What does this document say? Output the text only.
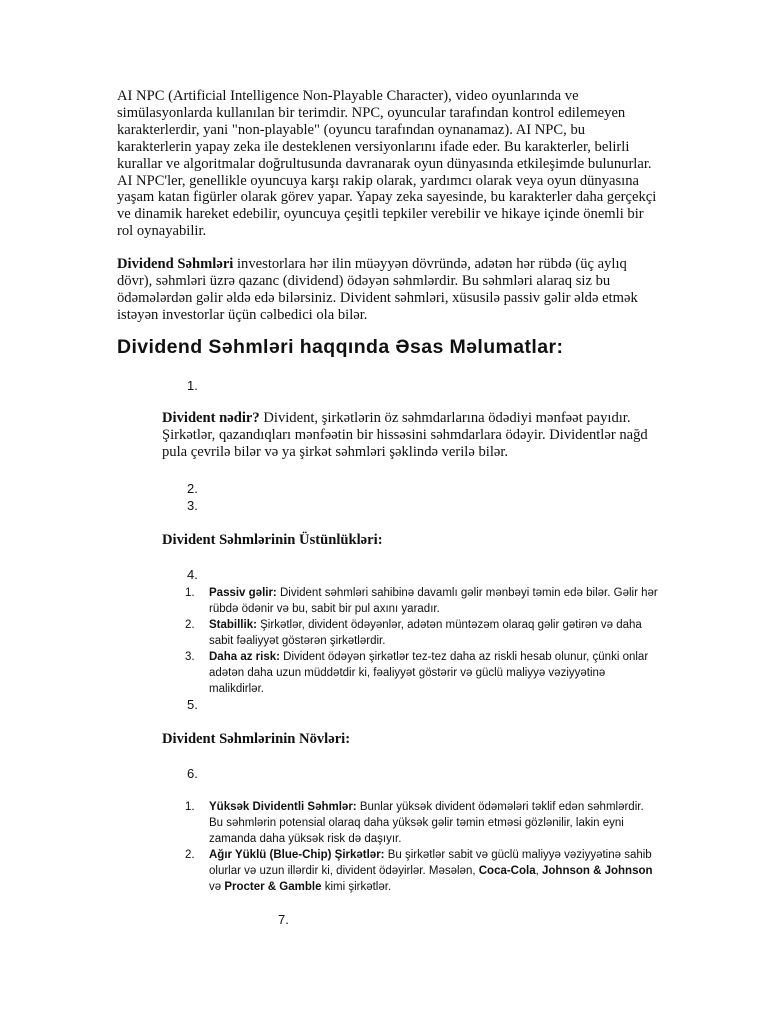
AI NPC (Artificial Intelligence Non-Playable Character), video oyunlarında ve simülasyonlarda kullanılan bir terimdir. NPC, oyuncular tarafından kontrol edilemeyen karakterlerdir, yani "non-playable" (oyuncu tarafından oynanamaz). AI NPC, bu karakterlerin yapay zeka ile desteklenen versiyonlarını ifade eder. Bu karakterler, belirli kurallar ve algoritmalar doğrultusunda davranarak oyun dünyasında etkileşimde bulunurlar. AI NPC'ler, genellikle oyuncuya karşı rakip olarak, yardımcı olarak veya oyun dünyasına yaşam katan figürler olarak görev yapar. Yapay zeka sayesinde, bu karakterler daha gerçekçi ve dinamik hareket edebilir, oyuncuya çeşitli tepkiler verebilir ve hikaye içinde önemli bir rol oynayabilir.

Dividend Səhmləri investorlara hər ilin müəyyən dövründə, adətən hər rübdə (üç aylıq dövr), səhmləri üzrə qazanc (dividend) ödəyən səhmlərdir. Bu səhmləri alaraq siz bu ödəmələrdən gəlir əldə edə bilərsiniz. Divident səhmləri, xüsusilə passiv gəlir əldə etmək istəyən investorlar üçün cəlbedici ola bilər.

Dividend Səhmləri haqqında Əsas Məlumatlar:
1.

Divident nədir? Divident, şirkətlərin öz səhmdarlarına ödədiyi mənfəət payıdır. Şirkətlər, qazandıqları mənfəətin bir hissəsini səhmdarlara ödəyir. Dividentlər nağd pula çevrilə bilər və ya şirkət səhmləri şəklində verilə bilər.

2.
3.
Divident Səhmlərinin Üstünlükləri:
4.
1.	Passiv gəlir: Divident səhmləri sahibinə davamlı gəlir mənbəyi təmin edə bilər. Gəlir hər rübdə ödənir və bu, sabit bir pul axını yaradır.
2.	Stabillik: Şirkətlər, divident ödəyənlər, adətən müntəzəm olaraq gəlir gətirən və daha sabit fəaliyyət göstərən şirkətlərdir.
3.	Daha az risk: Divident ödəyən şirkətlər tez-tez daha az riskli hesab olunur, çünki onlar adətən daha uzun müddətdir ki, fəaliyyət göstərir və güclü maliyyə vəziyyətinə malikdirlər.
5.
Divident Səhmlərinin Növləri:
6.
1.	Yüksək Dividentli Səhmlər: Bunlar yüksək divident ödəmələri təklif edən səhmlərdir. Bu səhmlərin potensial olaraq daha yüksək gəlir təmin etməsi gözlənilir, lakin eyni zamanda daha yüksək risk də daşıyır.
2.	Ağır Yüklü (Blue-Chip) Şirkətlər: Bu şirkətlər sabit və güclü maliyyə vəziyyətinə sahib olurlar və uzun illərdir ki, divident ödəyirlər. Məsələn, Coca-Cola, Johnson & Johnson və Procter & Gamble kimi şirkətlər.
7.
